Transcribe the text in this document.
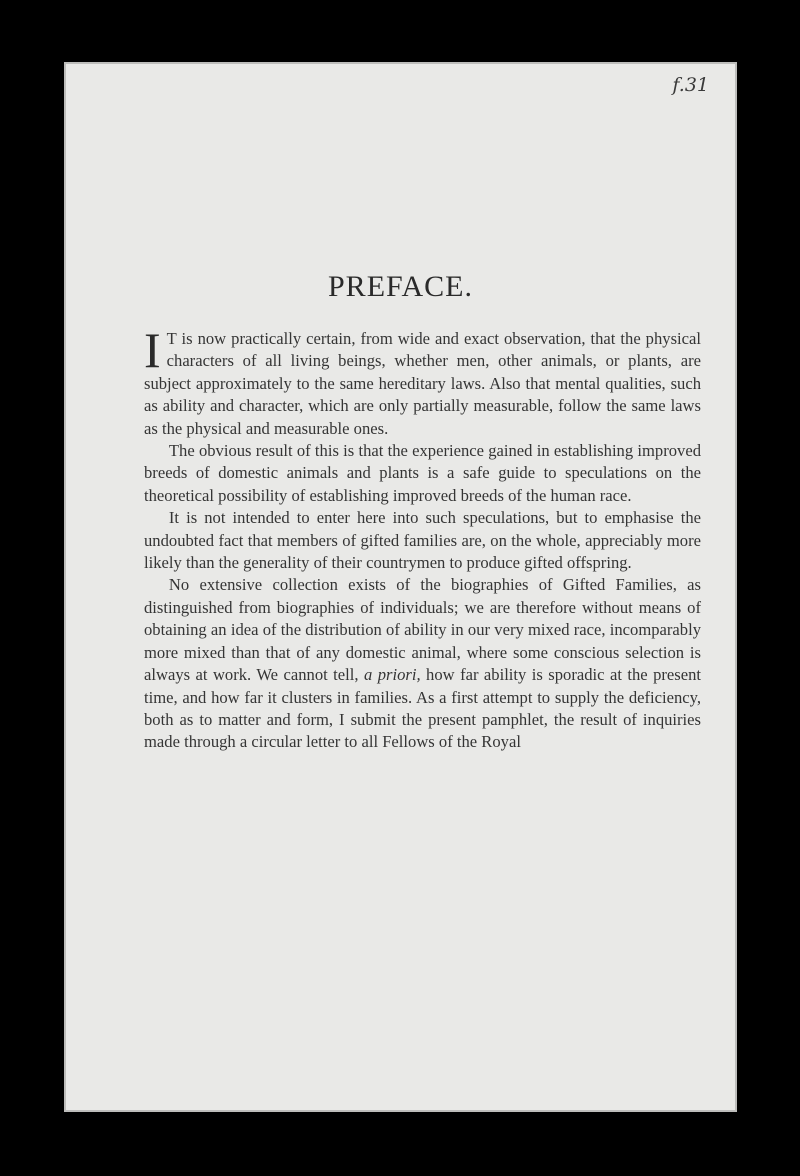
f.31
PREFACE.

I T is now practically certain, from wide and exact observation, that the physical characters of all living beings, whether men, other animals, or plants, are subject approximately to the same hereditary laws. Also that mental qualities, such as ability and character, which are only partially measurable, follow the same laws as the physical and measurable ones.

The obvious result of this is that the experience gained in establishing improved breeds of domestic animals and plants is a safe guide to speculations on the theoretical possibility of establishing improved breeds of the human race.

It is not intended to enter here into such speculations, but to emphasise the undoubted fact that members of gifted families are, on the whole, appreciably more likely than the generality of their countrymen to produce gifted offspring.

No extensive collection exists of the biographies of Gifted Families, as distinguished from biographies of individuals; we are therefore without means of obtaining an idea of the distribution of ability in our very mixed race, incomparably more mixed than that of any domestic animal, where some conscious selection is always at work. We cannot tell, a priori, how far ability is sporadic at the present time, and how far it clusters in families. As a first attempt to supply the deficiency, both as to matter and form, I submit the present pamphlet, the result of inquiries made through a circular letter to all Fellows of the Royal
